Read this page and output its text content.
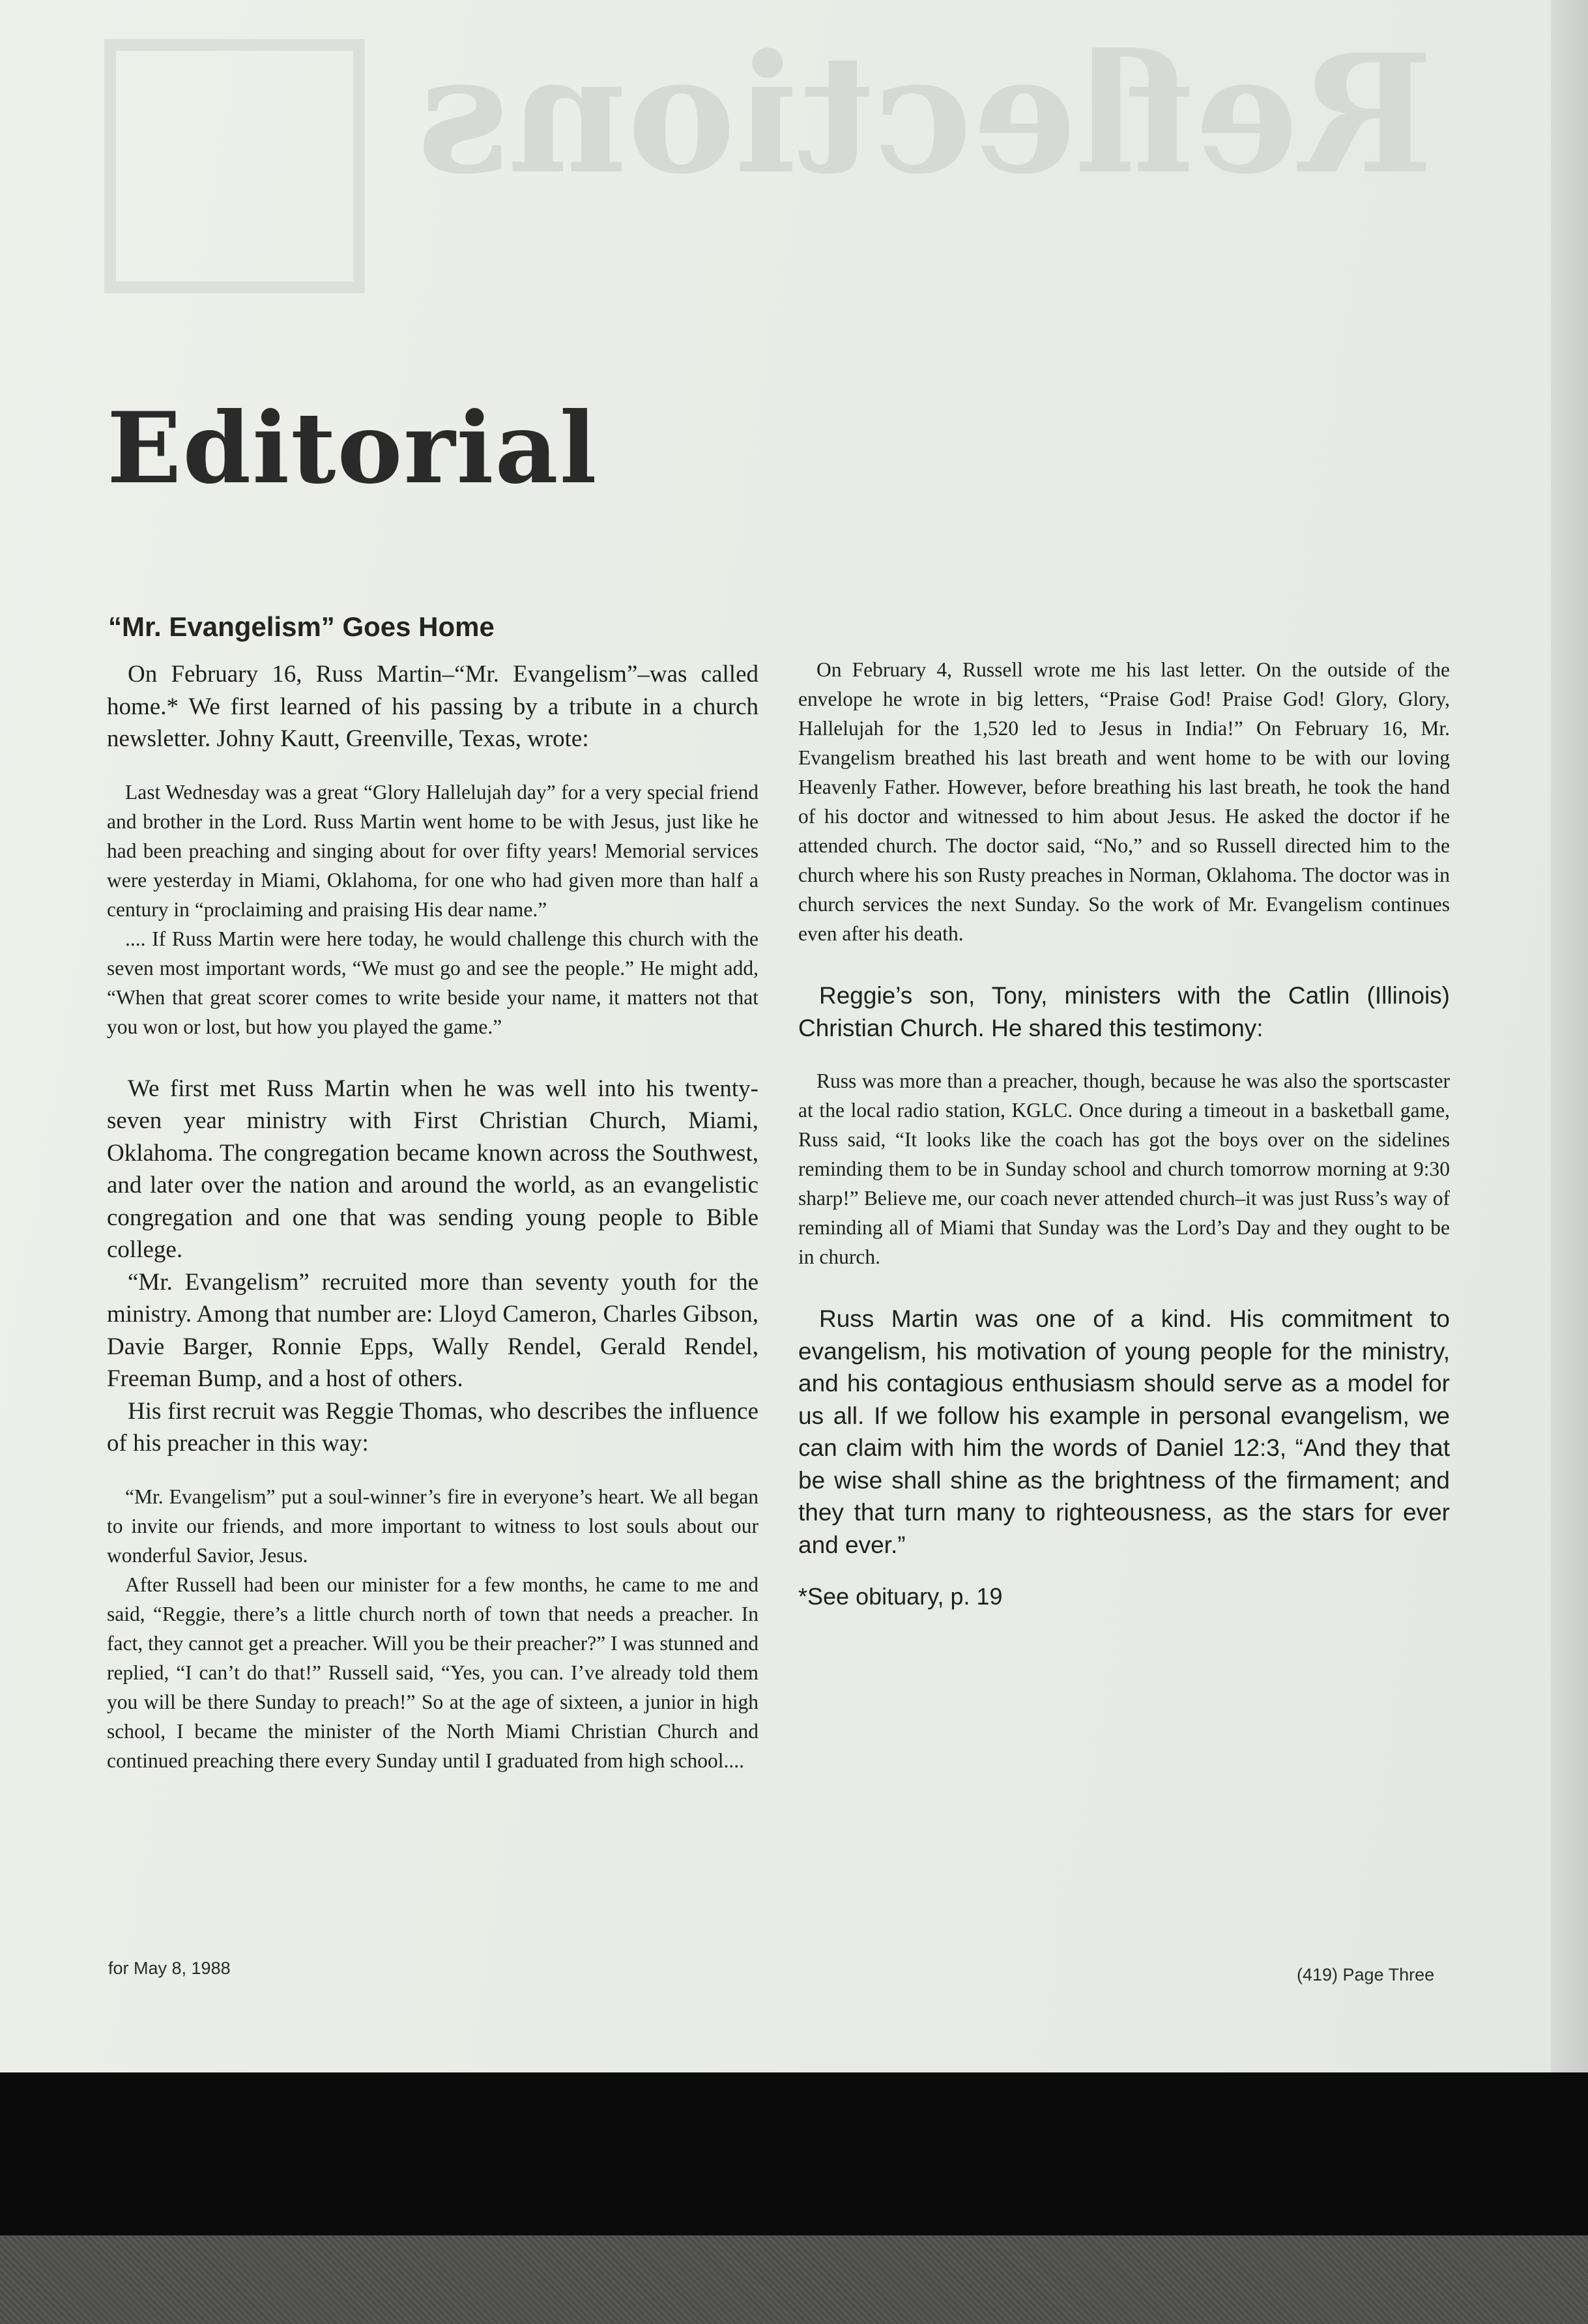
Reflections
Editorial
“Mr. Evangelism” Goes Home

On February 16, Russ Martin–“Mr. Evangelism”–was called home.* We first learned of his passing by a tribute in a church newsletter. Johny Kautt, Greenville, Texas, wrote:

Last Wednesday was a great “Glory Hallelujah day” for a very special friend and brother in the Lord. Russ Martin went home to be with Jesus, just like he had been preaching and singing about for over fifty years! Memorial services were yesterday in Miami, Oklahoma, for one who had given more than half a century in “proclaiming and praising His dear name.”

.... If Russ Martin were here today, he would challenge this church with the seven most important words, “We must go and see the people.” He might add, “When that great scorer comes to write beside your name, it matters not that you won or lost, but how you played the game.”

We first met Russ Martin when he was well into his twenty-seven year ministry with First Christian Church, Miami, Oklahoma. The congregation became known across the Southwest, and later over the nation and around the world, as an evangelistic congregation and one that was sending young people to Bible college.

“Mr. Evangelism” recruited more than seventy youth for the ministry. Among that number are: Lloyd Cameron, Charles Gibson, Davie Barger, Ronnie Epps, Wally Rendel, Gerald Rendel, Freeman Bump, and a host of others.

His first recruit was Reggie Thomas, who describes the influence of his preacher in this way:

“Mr. Evangelism” put a soul-winner’s fire in everyone’s heart. We all began to invite our friends, and more important to witness to lost souls about our wonderful Savior, Jesus.

After Russell had been our minister for a few months, he came to me and said, “Reggie, there’s a little church north of town that needs a preacher. In fact, they cannot get a preacher. Will you be their preacher?” I was stunned and replied, “I can’t do that!” Russell said, “Yes, you can. I’ve already told them you will be there Sunday to preach!” So at the age of sixteen, a junior in high school, I became the minister of the North Miami Christian Church and continued preaching there every Sunday until I graduated from high school....

On February 4, Russell wrote me his last letter. On the outside of the envelope he wrote in big letters, “Praise God! Praise God! Glory, Glory, Hallelujah for the 1,520 led to Jesus in India!” On February 16, Mr. Evangelism breathed his last breath and went home to be with our loving Heavenly Father. However, before breathing his last breath, he took the hand of his doctor and witnessed to him about Jesus. He asked the doctor if he attended church. The doctor said, “No,” and so Russell directed him to the church where his son Rusty preaches in Norman, Oklahoma. The doctor was in church services the next Sunday. So the work of Mr. Evangelism continues even after his death.

Reggie’s son, Tony, ministers with the Catlin (Illinois) Christian Church. He shared this testimony:

Russ was more than a preacher, though, because he was also the sportscaster at the local radio station, KGLC. Once during a timeout in a basketball game, Russ said, “It looks like the coach has got the boys over on the sidelines reminding them to be in Sunday school and church tomorrow morning at 9:30 sharp!” Believe me, our coach never attended church–it was just Russ’s way of reminding all of Miami that Sunday was the Lord’s Day and they ought to be in church.

Russ Martin was one of a kind. His commitment to evangelism, his motivation of young people for the ministry, and his contagious enthusiasm should serve as a model for us all. If we follow his example in personal evangelism, we can claim with him the words of Daniel 12:3, “And they that be wise shall shine as the brightness of the firmament; and they that turn many to righteousness, as the stars for ever and ever.”

*See obituary, p. 19

for May 8, 1988	(419) Page Three
